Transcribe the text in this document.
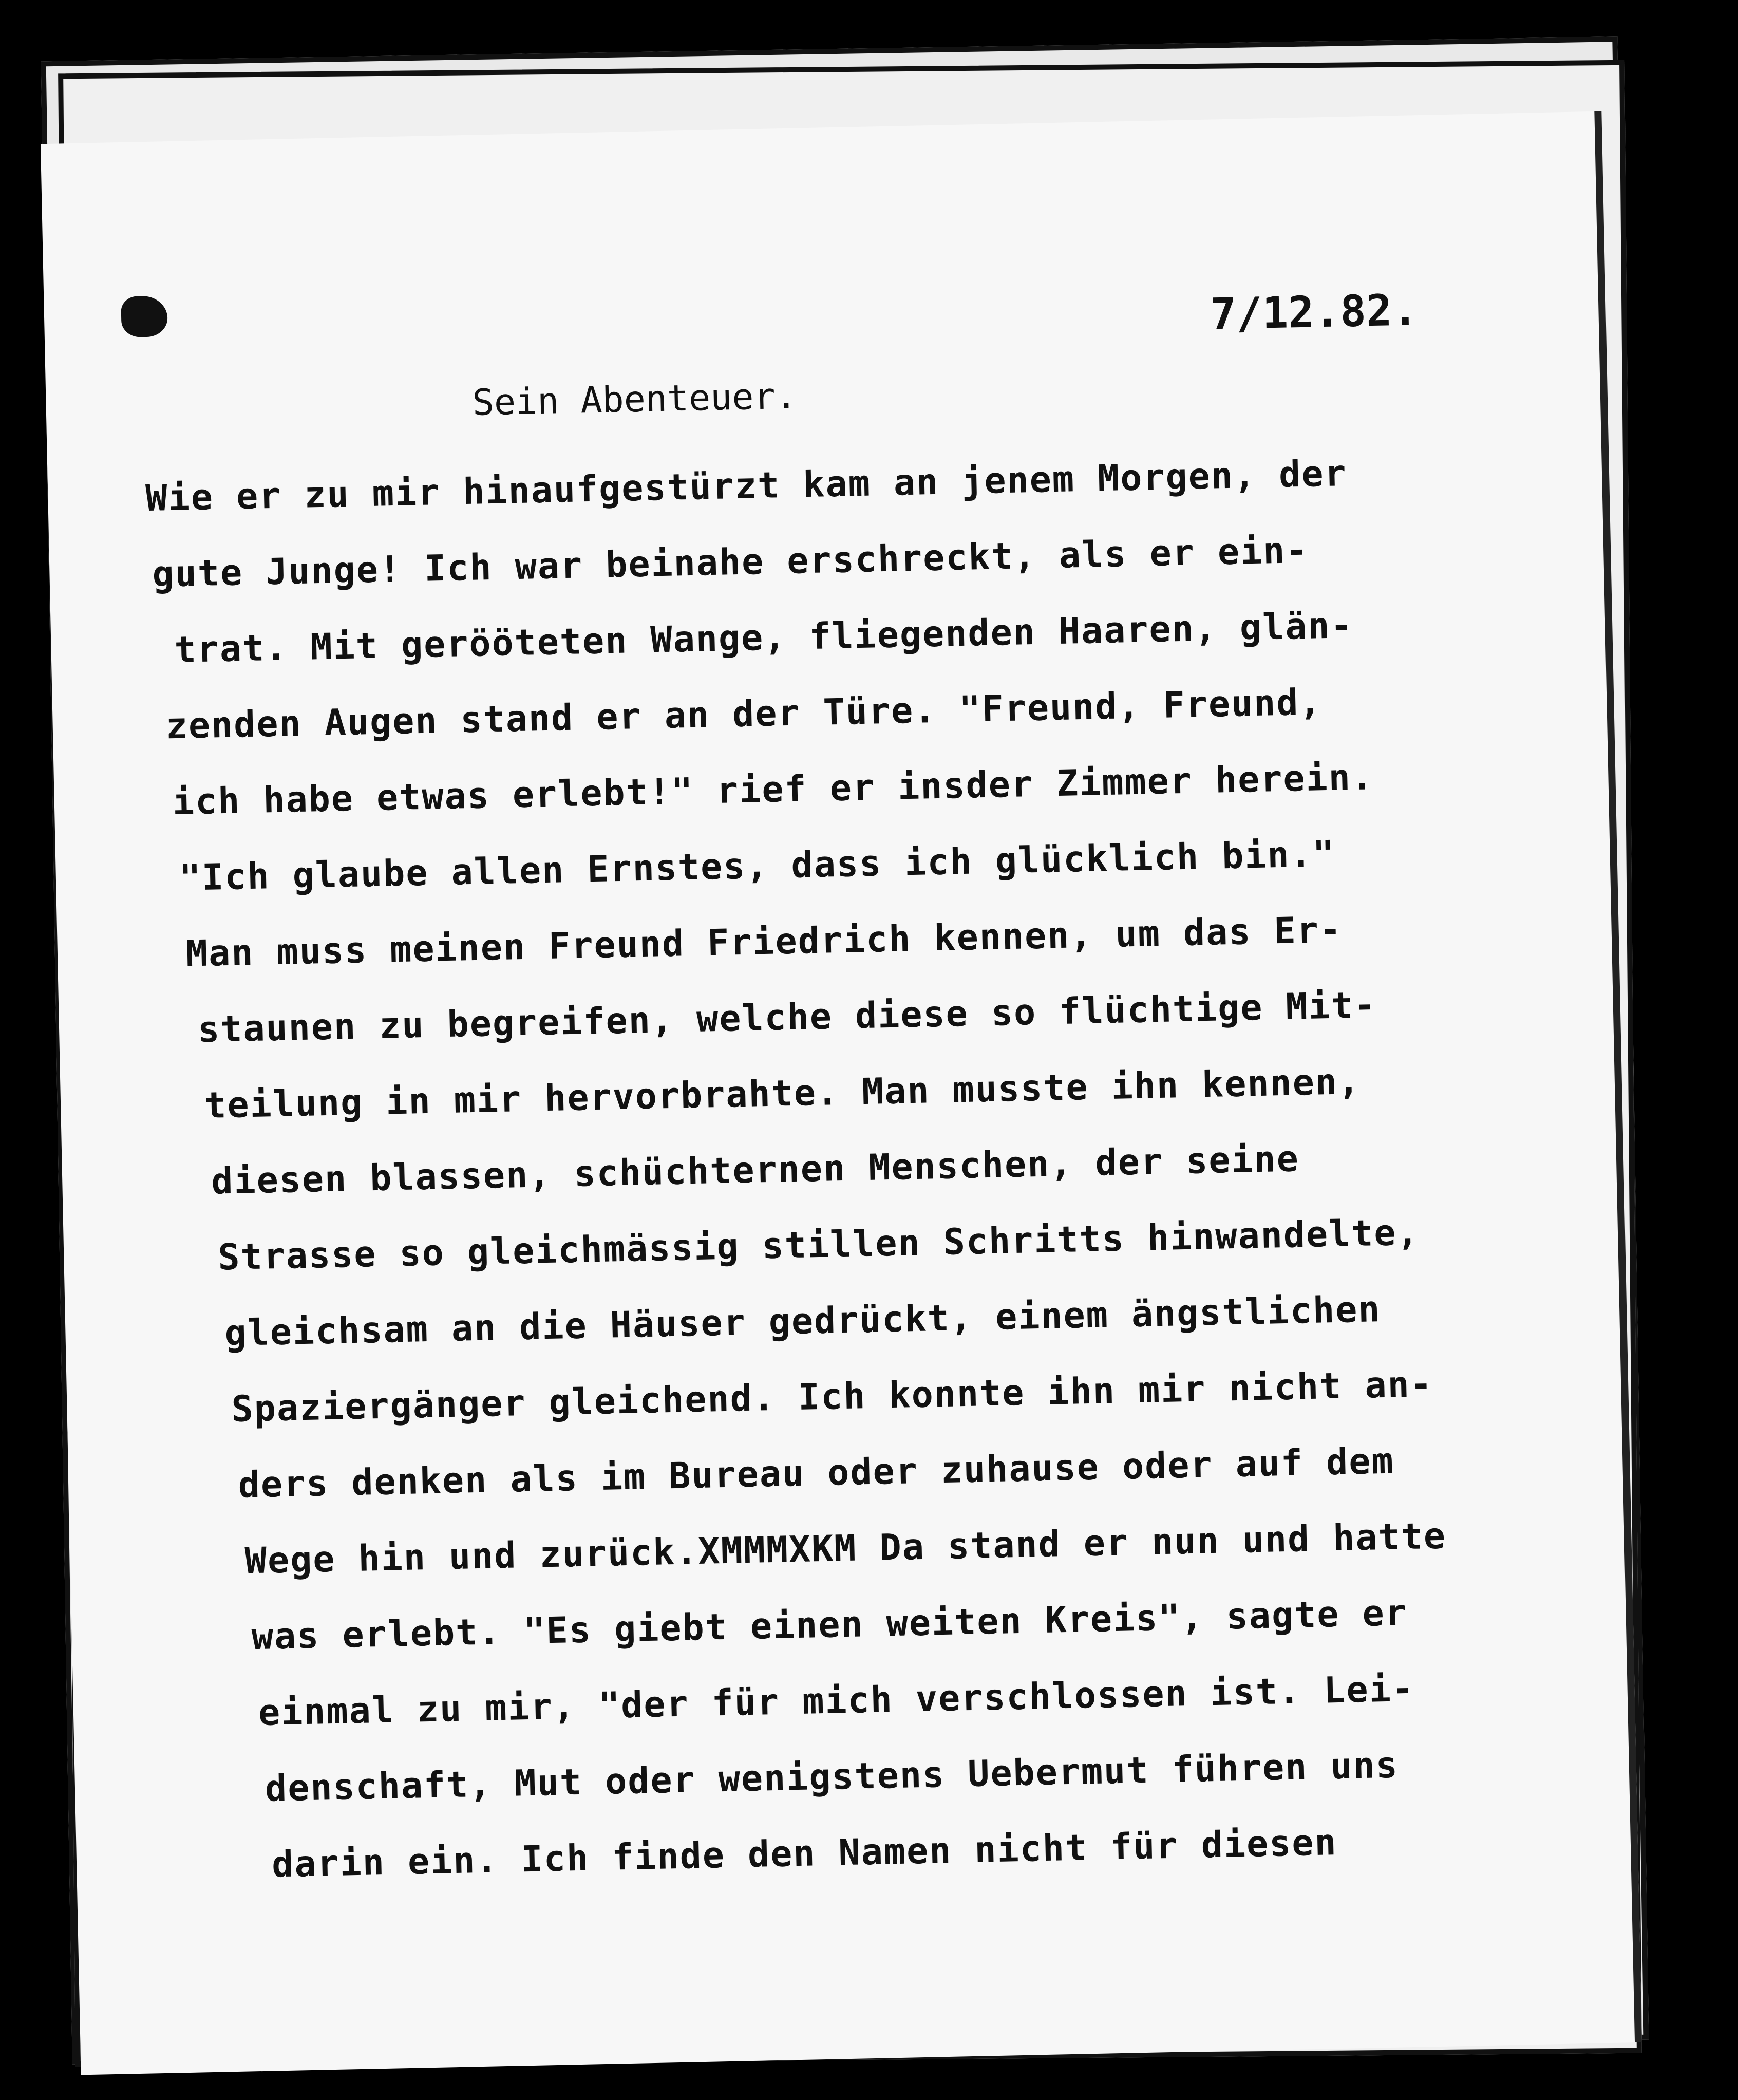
7/12.82.
Sein Abenteuer.
Wie er zu mir hinaufgestürzt kam an jenem Morgen, der
gute Junge! Ich war beinahe erschreckt, als er ein-
trat. Mit gerööteten Wange, fliegenden Haaren, glän-
zenden Augen stand er an der Türe. "Freund, Freund,
ich habe etwas erlebt!" rief er insder Zimmer herein.
"Ich glaube allen Ernstes, dass ich glücklich bin."
Man muss meinen Freund Friedrich kennen, um das Er-
staunen zu begreifen, welche diese so flüchtige Mit-
teilung in mir hervorbrahte. Man musste ihn kennen,
diesen blassen, schüchternen Menschen, der seine
Strasse so gleichmässig stillen Schritts hinwandelte,
gleichsam an die Häuser gedrückt, einem ängstlichen
Spaziergänger gleichend. Ich konnte ihn mir nicht an-
ders denken als im Bureau oder zuhause oder auf dem
Wege hin und zurück.XMMMXKM Da stand er nun und hatte
was erlebt. "Es giebt einen weiten Kreis", sagte er
einmal zu mir, "der für mich verschlossen ist. Lei-
denschaft, Mut oder wenigstens Uebermut führen uns
darin ein. Ich finde den Namen nicht für diesen
